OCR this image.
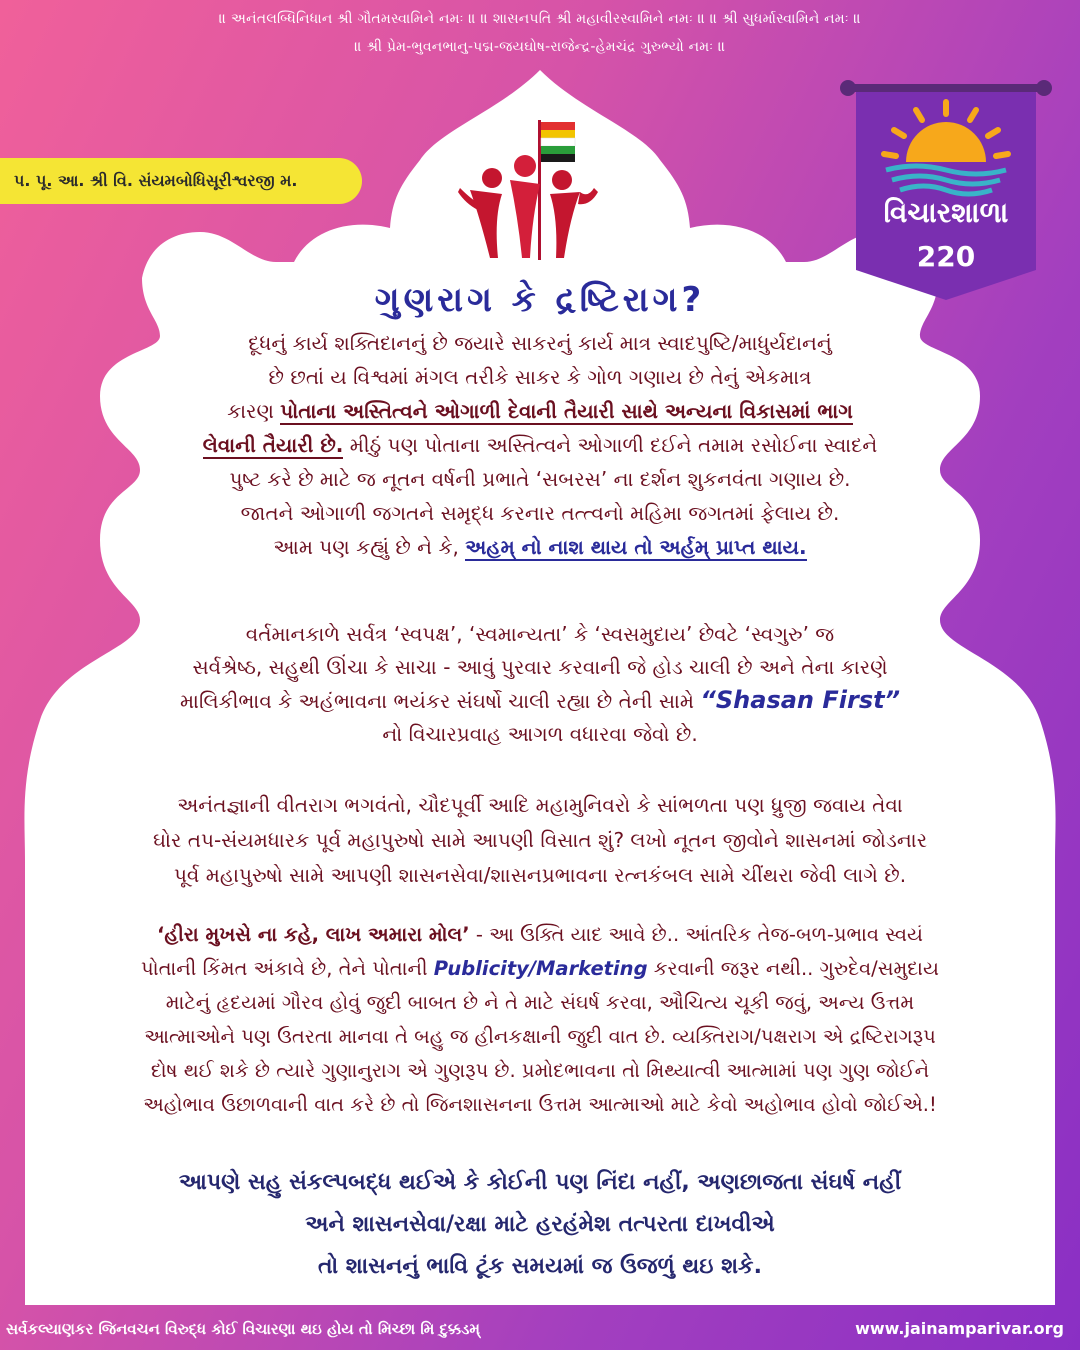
॥ અનંતલબ્ધિનિધાન શ્રી ગૌતમસ્વામિને નમઃ ॥ ॥ શાસનપતિ શ્રી મહાવીરસ્વામિને નમઃ ॥ ॥ શ્રી સુધર્માસ્વામિને નમઃ ॥
॥ શ્રી પ્રેમ-ભુવનભાનુ-પદ્મ-જયઘોષ-રાજેન્દ્ર-હેમચંદ્ર ગુરુભ્યો નમઃ ॥
પ. પૂ. આ. શ્રી વિ. સંયમબોધિસૂરીશ્વરજી મ.
વિચારશાળા
220
ગુણરાગ કે દ્રષ્ટિરાગ?
દૂધનું કાર્ય શક્તિદાનનું છે જયારે સાકરનું કાર્ય માત્ર સ્વાદપુષ્ટિ/માધુર્યદાનનું
છે છતાં ય વિશ્વમાં મંગલ તરીકે સાકર કે ગોળ ગણાય છે તેનું એકમાત્ર
કારણ પોતાના અસ્તિત્વને ઓગાળી દેવાની તૈયારી સાથે અન્યના વિકાસમાં ભાગ
લેવાની તૈયારી છે. મીઠું પણ પોતાના અસ્તિત્વને ઓગાળી દઈને તમામ રસોઈના સ્વાદને
પુષ્ટ કરે છે માટે જ નૂતન વર્ષની પ્રભાતે ‘સબરસ’ ના દર્શન શુકનવંતા ગણાય છે.
જાતને ઓગાળી જગતને સમૃદ્ધ કરનાર તત્ત્વનો મહિમા જગતમાં ફેલાય છે.
આમ પણ કહ્યું છે ને કે, અહમ્ નો નાશ થાય તો અર્હમ્ પ્રાપ્ત થાય.
વર્તમાનકાળે સર્વત્ર ‘સ્વપક્ષ’, ‘સ્વમાન્યતા’ કે ‘સ્વસમુદાય’ છેવટે ‘સ્વગુરુ’ જ
સર્વશ્રેષ્ઠ, સહુથી ઊંચા કે સાચા - આવું પુરવાર કરવાની જે હોડ ચાલી છે અને તેના કારણે
માલિકીભાવ કે અહંભાવના ભયંકર સંઘર્ષો ચાલી રહ્યા છે તેની સામે “Shasan First”
નો વિચારપ્રવાહ આગળ વધારવા જેવો છે.
અનંતજ્ઞાની વીતરાગ ભગવંતો, ચૌદપૂર્વી આદિ મહામુનિવરો કે સાંભળતા પણ ધ્રુજી જવાય તેવા
ઘોર તપ-સંયમધારક પૂર્વ મહાપુરુષો સામે આપણી વિસાત શું? લખો નૂતન જીવોને શાસનમાં જોડનાર
પૂર્વ મહાપુરુષો સામે આપણી શાસનસેવા/શાસનપ્રભાવના રત્નકંબલ સામે ચીંથરા જેવી લાગે છે.
‘હીરા મુખસે ના કહે, લાખ અમારા મોલ’ - આ ઉક્તિ યાદ આવે છે.. આંતરિક તેજ-બળ-પ્રભાવ સ્વયં
પોતાની કિંમત અંકાવે છે, તેને પોતાની Publicity/Marketing કરવાની જરૂર નથી.. ગુરુદેવ/સમુદાય
માટેનું હૃદયમાં ગૌરવ હોવું જુદી બાબત છે ને તે માટે સંઘર્ષ કરવા, ઔચિત્ય ચૂકી જવું, અન્ય ઉત્તમ
આત્માઓને પણ ઉતરતા માનવા તે બહુ જ હીનકક્ષાની જુદી વાત છે. વ્યક્તિરાગ/પક્ષરાગ એ દ્રષ્ટિરાગરૂપ
દોષ થઈ શકે છે ત્યારે ગુણાનુરાગ એ ગુણરૂપ છે. પ્રમોદભાવના તો મિથ્યાત્વી આત્મામાં પણ ગુણ જોઈને
અહોભાવ ઉછાળવાની વાત કરે છે તો જિનશાસનના ઉત્તમ આત્માઓ માટે કેવો અહોભાવ હોવો જોઈએ.!
આપણે સહુ સંકલ્પબદ્ધ થઈએ કે કોઈની પણ નિંદા નહીં, અણછાજતા સંઘર્ષ નહીં
અને શાસનસેવા/રક્ષા માટે હરહંમેશ તત્પરતા દાખવીએ
તો શાસનનું ભાવિ ટૂંક સમયમાં જ ઉજળું થઇ શકે.
સર્વકલ્યાણકર જિનવચન વિરુદ્ધ કોઈ વિચારણા થઇ હોય તો મિચ્છા મિ દુક્કડમ્	www.jainamparivar.org
